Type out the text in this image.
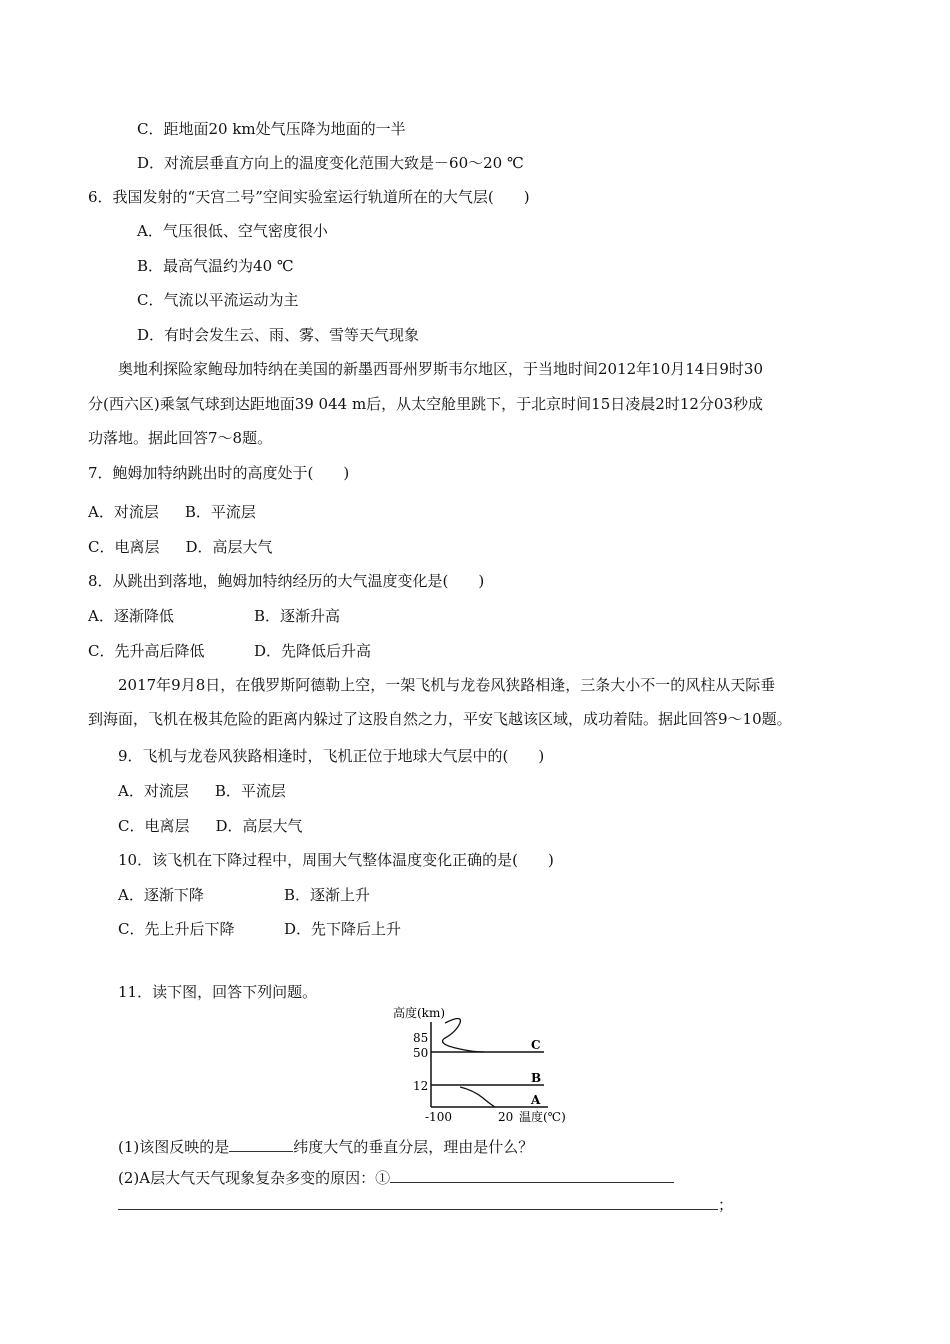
C．距地面20 km处气压降为地面的一半
D．对流层垂直方向上的温度变化范围大致是－60～20 ℃
6．我国发射的“天宫二号”空间实验室运行轨道所在的大气层(　　)
A．气压很低、空气密度很小
B．最高气温约为40 ℃
C．气流以平流运动为主
D．有时会发生云、雨、雾、雪等天气现象
奥地利探险家鲍母加特纳在美国的新墨西哥州罗斯韦尔地区，于当地时间2012年10月14日9时30
分(西六区)乘氢气球到达距地面39 044 m后，从太空舱里跳下，于北京时间15日凌晨2时12分03秒成
功落地。据此回答7～8题。
7．鲍姆加特纳跳出时的高度处于(　　)
A．对流层 B．平流层
C．电离层 D．高层大气
8．从跳出到落地，鲍姆加特纳经历的大气温度变化是(　　)
A．逐渐降低	B．逐渐升高
C．先升高后降低	D．先降低后升高
2017年9月8日，在俄罗斯阿德勒上空，一架飞机与龙卷风狭路相逢，三条大小不一的风柱从天际垂
到海面，飞机在极其危险的距离内躲过了这股自然之力，平安飞越该区域，成功着陆。据此回答9～10题。
9．飞机与龙卷风狭路相逢时，飞机正位于地球大气层中的(　　)
A．对流层 B．平流层
C．电离层 D．高层大气
10．该飞机在下降过程中，周围大气整体温度变化正确的是(　　)
A．逐渐下降	B．逐渐上升
C．先上升后下降	D．先下降后上升
11．读下图，回答下列问题。
高度(km)
85
50
12
C
B
A
-100	20 温度(℃)
(1)该图反映的是	纬度大气的垂直分层，理由是什么？
(2)A层大气天气现象复杂多变的原因：①
；
